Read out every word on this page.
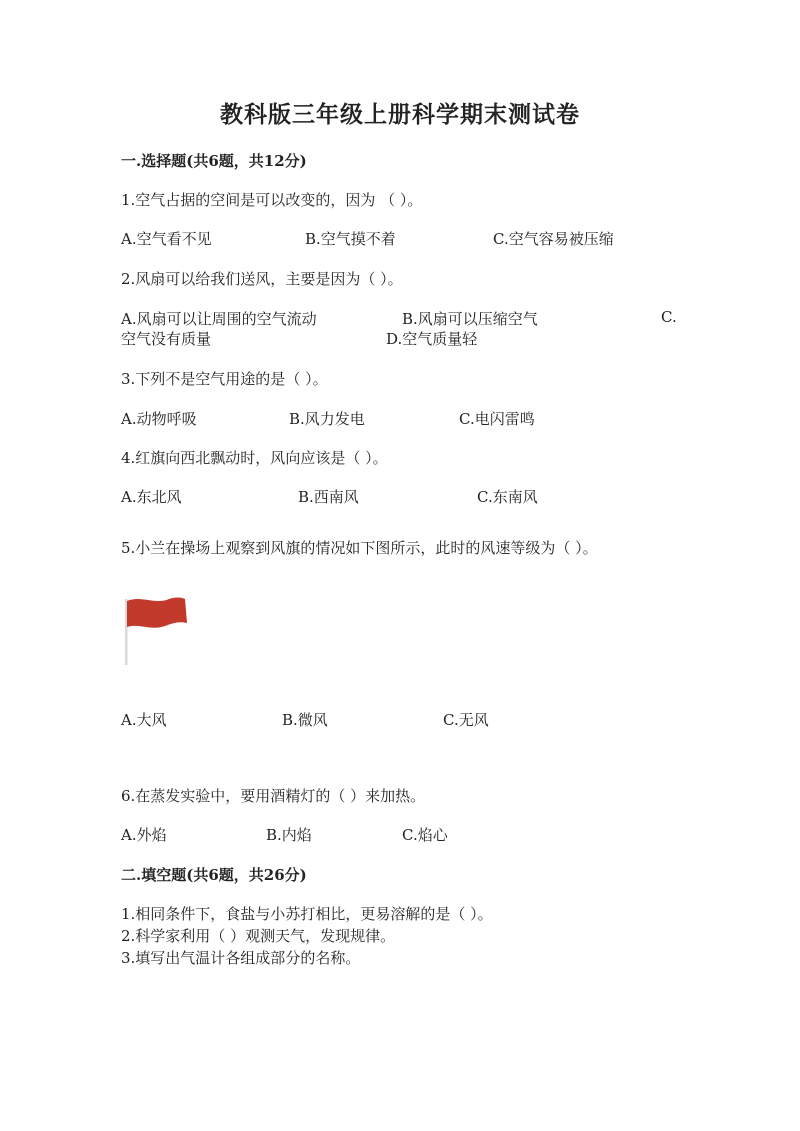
教科版三年级上册科学期末测试卷
一.选择题(共6题，共12分)
1.空气占据的空间是可以改变的，因为 （ ）。
A.空气看不见	B.空气摸不着	C.空气容易被压缩
2.风扇可以给我们送风，主要是因为（ ）。
A.风扇可以让周围的空气流动	B.风扇可以压缩空气	C.
空气没有质量	D.空气质量轻
3.下列不是空气用途的是（ ）。
A.动物呼吸	B.风力发电	C.电闪雷鸣
4.红旗向西北飘动时，风向应该是（ ）。
A.东北风	B.西南风	C.东南风
5.小兰在操场上观察到风旗的情况如下图所示，此时的风速等级为（ ）。
A.大风	B.微风	C.无风
6.在蒸发实验中，要用酒精灯的（ ）来加热。
A.外焰	B.内焰	C.焰心
二.填空题(共6题，共26分)
1.相同条件下，食盐与小苏打相比，更易溶解的是（ ）。
2.科学家利用（ ）观测天气，发现规律。
3.填写出气温计各组成部分的名称。
